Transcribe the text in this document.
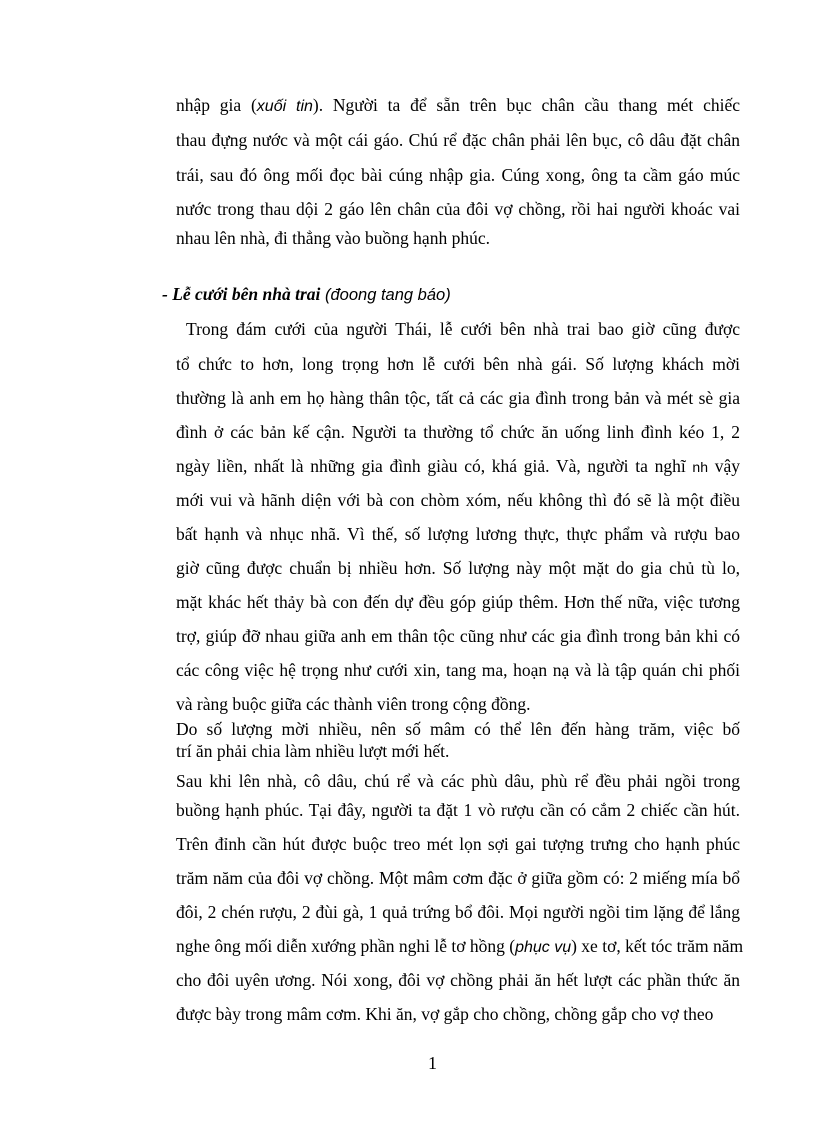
nhập gia (xuối tin). Người ta để sẵn trên bục chân cầu thang mét chiếc
thau đựng nước và một cái gáo. Chú rể đặc chân phải lên bục, cô dâu đặt chân
trái, sau đó ông mối đọc bài cúng nhập gia. Cúng xong, ông ta cầm gáo múc
nước trong thau dội 2 gáo lên chân của đôi vợ chồng, rồi hai người khoác vai
nhau lên nhà, đi thẳng vào buồng hạnh phúc.
- Lễ cưới bên nhà trai (đoong tang báo)
Trong đám cưới của người Thái, lễ cưới bên nhà trai bao giờ cũng được
tổ chức to hơn, long trọng hơn lễ cưới bên nhà gái. Số lượng khách mời
thường là anh em họ hàng thân tộc, tất cả các gia đình trong bản và mét sè gia
đình ở các bản kế cận. Người ta thường tổ chức ăn uống linh đình kéo 1, 2
ngày liền, nhất là những gia đình giàu có, khá giả. Và, người ta nghĩ nh vậy
mới vui và hãnh diện với bà con chòm xóm, nếu không thì đó sẽ là một điều
bất hạnh và nhục nhã. Vì thế, số lượng lương thực, thực phẩm và rượu bao
giờ cũng được chuẩn bị nhiều hơn. Số lượng này một mặt do gia chủ tù lo,
mặt khác hết thảy bà con đến dự đều góp giúp thêm. Hơn thế nữa, việc tương
trợ, giúp đỡ nhau giữa anh em thân tộc cũng như các gia đình trong bản khi có
các công việc hệ trọng như cưới xin, tang ma, hoạn nạ và là tập quán chi phối
và ràng buộc giữa các thành viên trong cộng đồng.
Do số lượng mời nhiều, nên số mâm có thể lên đến hàng trăm, việc bố
trí ăn phải chia làm nhiều lượt mới hết.
Sau khi lên nhà, cô dâu, chú rể và các phù dâu, phù rể đều phải ngồi trong
buồng hạnh phúc. Tại đây, người ta đặt 1 vò rượu cần có cắm 2 chiếc cần hút.
Trên đỉnh cần hút được buộc treo mét lọn sợi gai tượng trưng cho hạnh phúc
trăm năm của đôi vợ chồng. Một mâm cơm đặc ở giữa gồm có: 2 miếng mía bổ
đôi, 2 chén rượu, 2 đùi gà, 1 quả trứng bổ đôi. Mọi người ngồi tim lặng để lắng
nghe ông mối diễn xướng phần nghi lễ tơ hồng (phục vụ) xe tơ, kết tóc trăm năm
cho đôi uyên ương. Nói xong, đôi vợ chồng phải ăn hết lượt các phần thức ăn
được bày trong mâm cơm. Khi ăn, vợ gắp cho chồng, chồng gắp cho vợ theo
1
